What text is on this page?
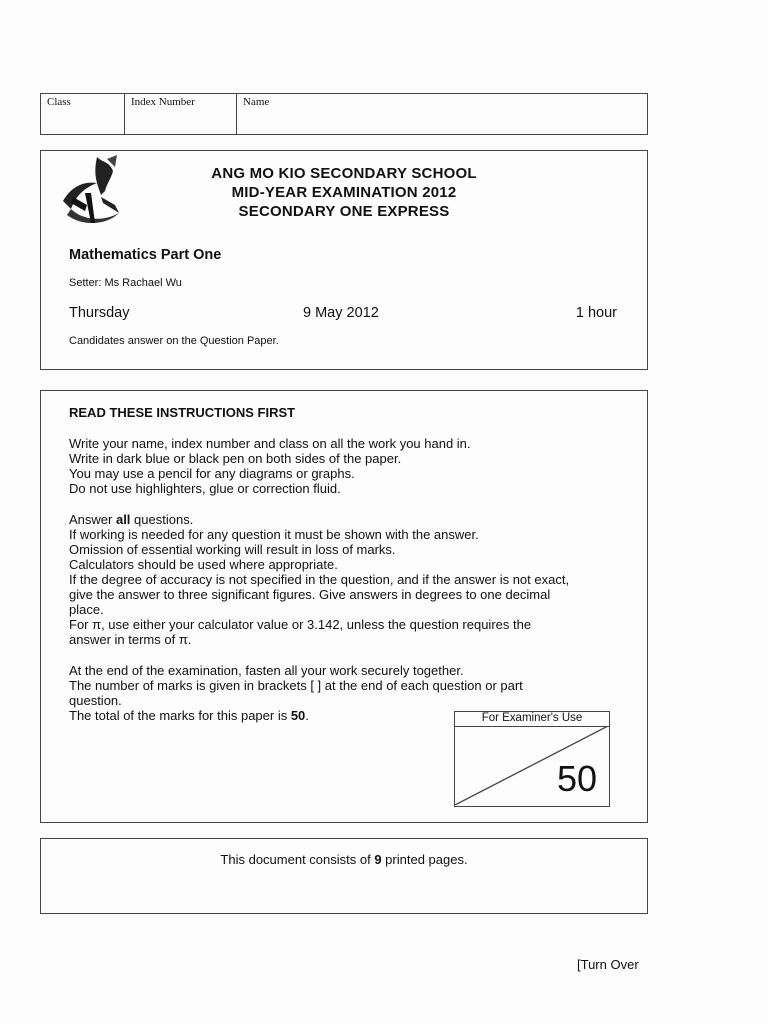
Class	Index Number	Name
ANG MO KIO SECONDARY SCHOOL
MID-YEAR EXAMINATION 2012
SECONDARY ONE EXPRESS
Mathematics Part One
Setter: Ms Rachael Wu
Thursday	9 May 2012	1 hour
Candidates answer on the Question Paper.
READ THESE INSTRUCTIONS FIRST
Write your name, index number and class on all the work you hand in.
Write in dark blue or black pen on both sides of the paper.
You may use a pencil for any diagrams or graphs.
Do not use highlighters, glue or correction fluid.
Answer all questions.
If working is needed for any question it must be shown with the answer.
Omission of essential working will result in loss of marks.
Calculators should be used where appropriate.
If the degree of accuracy is not specified in the question, and if the answer is not exact,
give the answer to three significant figures. Give answers in degrees to one decimal
place.
For π, use either your calculator value or 3.142, unless the question requires the
answer in terms of π.
At the end of the examination, fasten all your work securely together.
The number of marks is given in brackets [ ] at the end of each question or part
question.
The total of the marks for this paper is 50.	For Examiner's Use
50
This document consists of 9 printed pages.
[Turn Over
